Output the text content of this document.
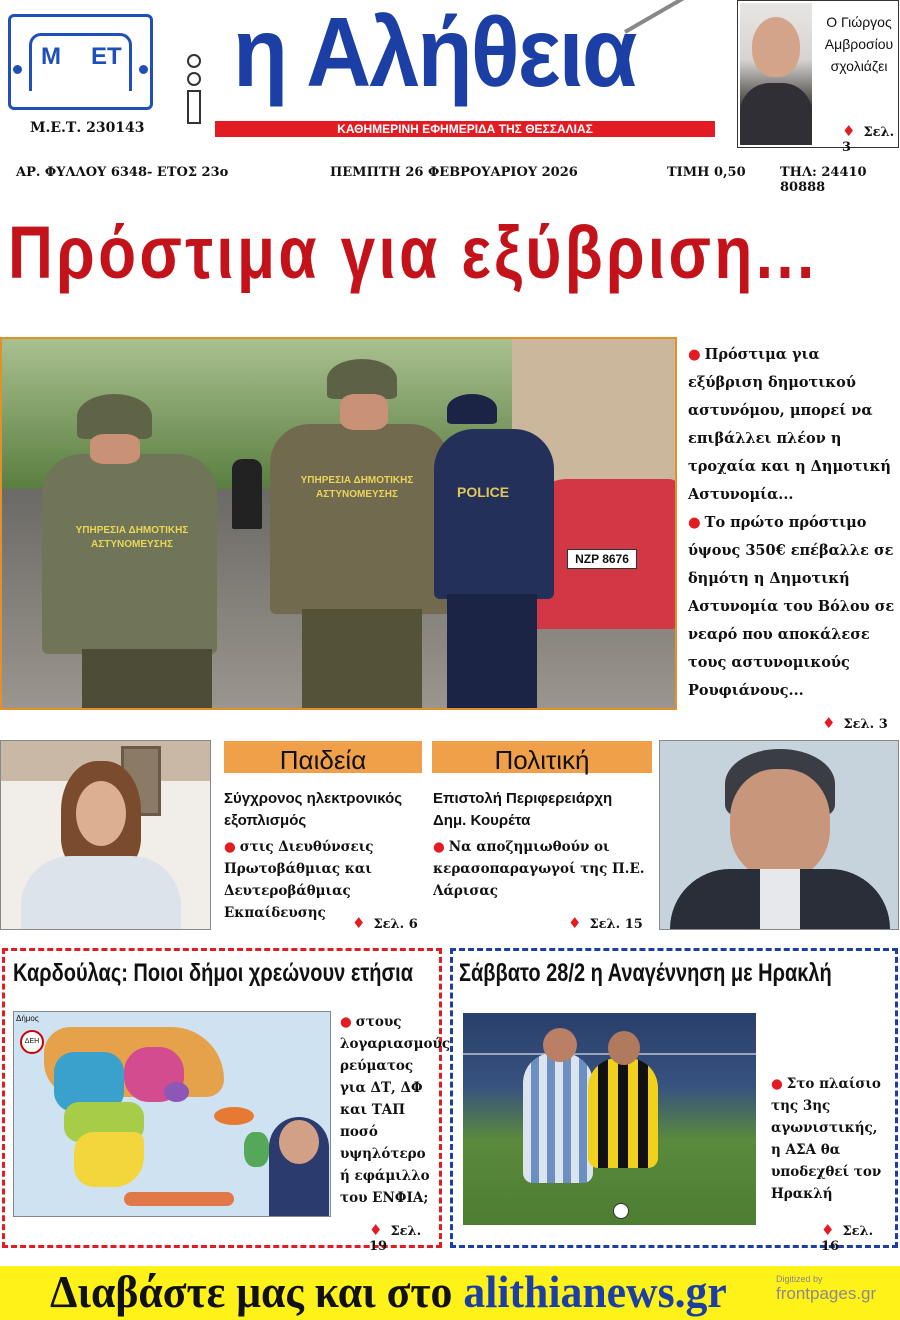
Μ ΕΤ
Μ.Ε.Τ. 230143
η Αλήθεια
ΚΑΘΗΜΕΡΙΝΗ ΕΦΗΜΕΡΙΔΑ ΤΗΣ ΘΕΣΣΑΛΙΑΣ
Ο Γιώργος
Αμβροσίου
σχολιάζει
♦ Σελ. 3
ΑΡ. ΦΥΛΛΟΥ 6348- ΕΤΟΣ 23ο	ΠΕΜΠΤΗ 26 ΦΕΒΡΟΥΑΡΙΟΥ 2026	ΤΙΜΗ 0,50	ΤΗΛ: 24410 80888
Πρόστιμα για εξύβριση...
NZP 8676
ΥΠΗΡΕΣΙΑ ΔΗΜΟΤΙΚΗΣ ΑΣΤΥΝΟΜΕΥΣΗΣ
ΥΠΗΡΕΣΙΑ ΔΗΜΟΤΙΚΗΣ ΑΣΤΥΝΟΜΕΥΣΗΣ	POLICE

● Πρόστιμα για εξύβριση δημοτικού αστυνόμου, μπορεί να επιβάλλει πλέον η τροχαία και η Δημοτική Αστυνομία...

● Το πρώτο πρόστιμο ύψους 350€ επέβαλλε σε δημότη η Δημοτική Αστυνομία του Βόλου σε νεαρό που αποκάλεσε τους αστυνομικούς Ρουφιάνους...

♦ Σελ. 3
Παιδεία
Σύγχρονος ηλεκτρονικός εξοπλισμός
● στις Διευθύνσεις Πρωτοβάθμιας και Δευτεροβάθμιας Εκπαίδευσης
♦ Σελ. 6
Πολιτική
Επιστολή Περιφερειάρχη Δημ. Κουρέτα
● Να αποζημιωθούν οι κερασοπαραγωγοί της Π.Ε. Λάρισας
♦ Σελ. 15
Καρδούλας: Ποιοι δήμοι χρεώνουν ετήσια
Δήμος
ΔΕΗ
● στους λογαριασμούς ρεύματος για ΔΤ, ΔΦ και ΤΑΠ ποσό υψηλότερο ή εφάμιλλο του ΕΝΦΙΑ;
♦ Σελ. 19
Σάββατο 28/2 η Αναγέννηση με Ηρακλή
● Στο πλαίσιο της 3ης αγωνιστικής, η ΑΣΑ θα υποδεχθεί τον Ηρακλή
♦ Σελ. 16
Διαβάστε μας και στο alithianews.gr	Digitized by
frontpages.gr
